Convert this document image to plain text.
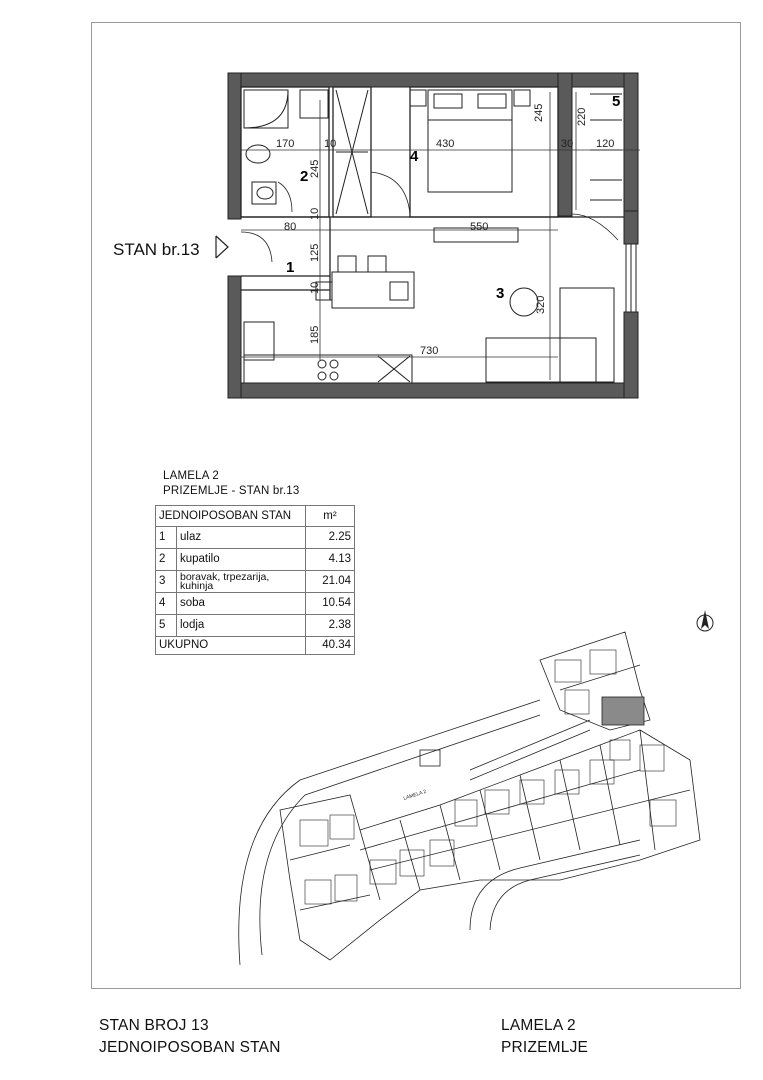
1
2
3
4
5
170	10	430	30 120
80	550
730
245
245	220
10
125
10
320
185
STAN br.13
LAMELA 2
PRIZEMLJE - STAN br.13
JEDNOIPOSOBAN STAN		m²
1	ulaz	2.25
2	kupatilo	4.13
3	boravak, trpezarija, kuhinja	21.04
4	soba	10.54
5	lodja	2.38
UKUPNO		40.34
LAMELA 2
STAN BROJ 13
JEDNOIPOSOBAN STAN
LAMELA 2
PRIZEMLJE
